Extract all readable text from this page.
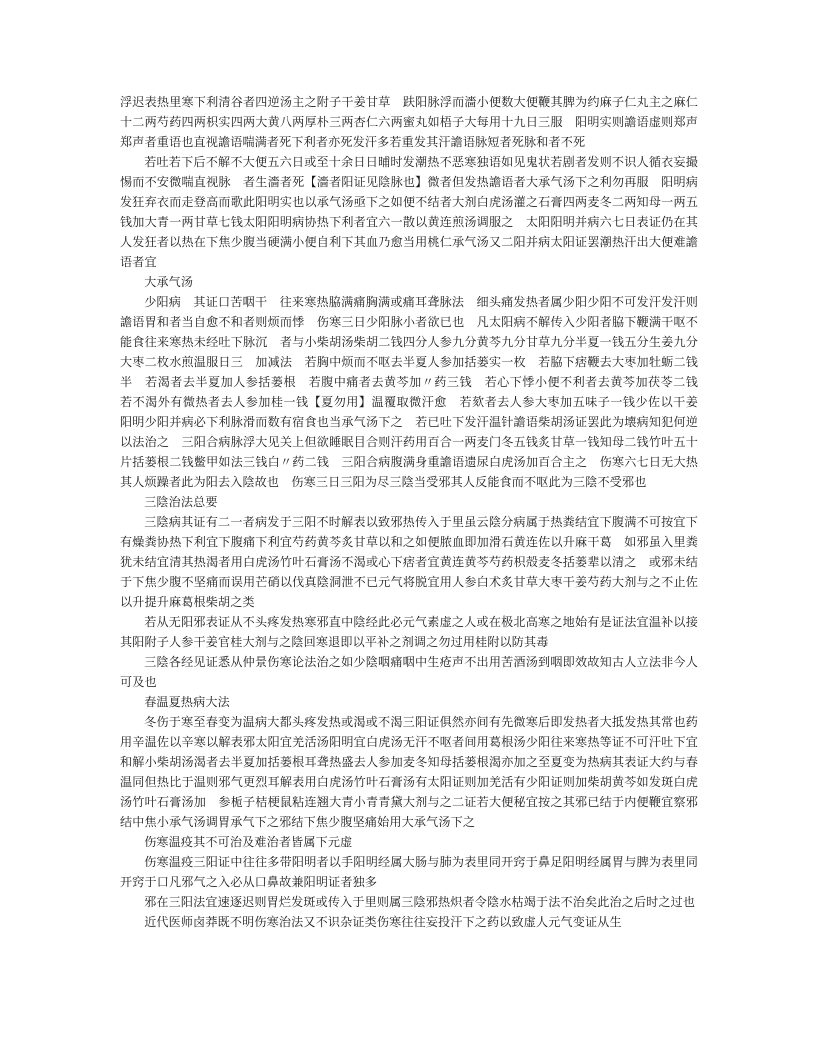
浮迟表热里寒下利清谷者四逆汤主之附子干姜甘草　趺阳脉浮而濇小便数大便鞭其脾为约麻子仁丸主之麻仁十二两芍药四两枳实四两大黄八两厚朴三两杏仁六两蜜丸如梧子大每用十九日三服　阳明实则譫语虚则郑声郑声者重语也直视譫语喘满者死下利者亦死发汗多若重发其汗譫语脉短者死脉和者不死

若吐若下后不解不大便五六日或至十余日日晡时发潮热不恶寒独语如见鬼状若剧者发则不识人循衣妄撮惕而不安微喘直视脉　者生濇者死【濇者阳证见陰脉也】微者但发热譫语者大承气汤下之利勿再服　阳明病发狂弃衣而走登高而歌此阳明实也以承气汤亟下之如便不结者大剂白虎汤灌之石膏四两麦冬二两知母一两五钱加大青一两甘草七钱太阳阳明病协热下利者宜六一散以黄连煎汤调服之　太阳阳明并病六七日表证仍在其人发狂者以热在下焦少腹当硬满小便自利下其血乃愈当用桃仁承气汤又二阳并病太阳证罢潮热汗出大便难譫语者宜

大承气汤

少阳病　其证口苦咽干　往来寒热脇满痛胸满或痛耳聋脉法　细头痛发热者属少阳少阳不可发汗发汗则譫语胃和者当自愈不和者则烦而悸　伤寒三日少阳脉小者欲已也　凡太阳病不解传入少阳者脇下鞭满干呕不能食往来寒热未经吐下脉沉　者与小柴胡汤柴胡二钱四分人参九分黄芩九分甘草九分半夏一钱五分生姜九分大枣二枚水煎温服日三　加减法　若胸中烦而不呕去半夏人参加括蒌实一枚　若脇下痞鞭去大枣加牡蛎二钱半　若渴者去半夏加人参括蒌根　若腹中痛者去黄芩加〃药三钱　若心下悸小便不利者去黄芩加茯苓二钱　若不渴外有微热者去人参加桂一钱【夏勿用】温覆取微汗愈　若欬者去人参大枣加五味子一钱少佐以干姜　阳明少阳并病必下利脉滑而数有宿食也当承气汤下之　若已吐下发汗温针譫语柴胡汤证罢此为壊病知犯何逆以法治之　三阳合病脉浮大见关上但欲睡眠目合则汗药用百合一两麦门冬五钱炙甘草一钱知母二钱竹叶五十片括蒌根二钱鳖甲如法三钱白〃药二钱　三阳合病腹满身重譫语遗尿白虎汤加百合主之　伤寒六七日无大热其人烦躁者此为阳去入陰故也　伤寒三日三阳为尽三陰当受邪其人反能食而不呕此为三陰不受邪也

三陰治法总要

三陰病其证有二一者病发于三阳不时解表以致邪热传入于里虽云陰分病属于热粪结宜下腹满不可按宜下有燥粪协热下利宜下腹痛下利宜芍药黄芩炙甘草以和之如便脓血即加滑石黄连佐以升麻干葛　如邪虽入里粪犹未结宜清其热渴者用白虎汤竹叶石膏汤不渴或心下痞者宜黄连黄芩芍药枳殻麦冬括蒌辈以清之　或邪未结于下焦少腹不坚痛而误用芒硝以伐真陰洞泄不已元气将脱宜用人参白术炙甘草大枣干姜芍药大剂与之不止佐以升提升麻葛根柴胡之类

若从无阳邪表证从不头疼发热寒邪直中陰经此必元气素虚之人或在极北高寒之地始有是证法宜温补以接其阳附子人参干姜官桂大剂与之陰回寒退即以平补之剂调之勿过用桂附以防其毒

三陰各经见证悉从仲景伤寒论法治之如少陰咽痛咽中生疮声不出用苦酒汤到咽即效故知古人立法非今人可及也

春温夏热病大法

冬伤于寒至春变为温病大都头疼发热或渴或不渴三阳证俱然亦间有先微寒后即发热者大抵发热其常也药用辛温佐以辛寒以解表邪太阳宜羌活汤阳明宜白虎汤无汗不呕者间用葛根汤少阳往来寒热等证不可汗吐下宜和解小柴胡汤渴者去半夏加括蒌根耳聋热盛去人参加麦冬知母括蒌根渴亦加之至夏变为热病其表证大约与春温同但热比于温则邪气更烈耳解表用白虎汤竹叶石膏汤有太阳证则加羌活有少阳证则加柴胡黄芩如发斑白虎汤竹叶石膏汤加　参栀子桔梗鼠粘连翘大青小青青黛大剂与之二证若大便秘宜按之其邪已结于内便鞭宜察邪结中焦小承气汤调胃承气下之邪结下焦少腹坚痛始用大承气汤下之

伤寒温疫其不可治及难治者皆属下元虚

伤寒温疫三阳证中往往多带阳明者以手阳明经属大肠与肺为表里同开窍于鼻足阳明经属胃与脾为表里同开窍于口凡邪气之入必从口鼻故兼阳明证者独多

邪在三阳法宜速逐迟则胃烂发斑或传入于里则属三陰邪热炽者令陰水枯竭于法不治矣此治之后时之过也

近代医师卤莽既不明伤寒治法又不识杂证类伤寒往往妄投汗下之药以致虚人元气变证从生
